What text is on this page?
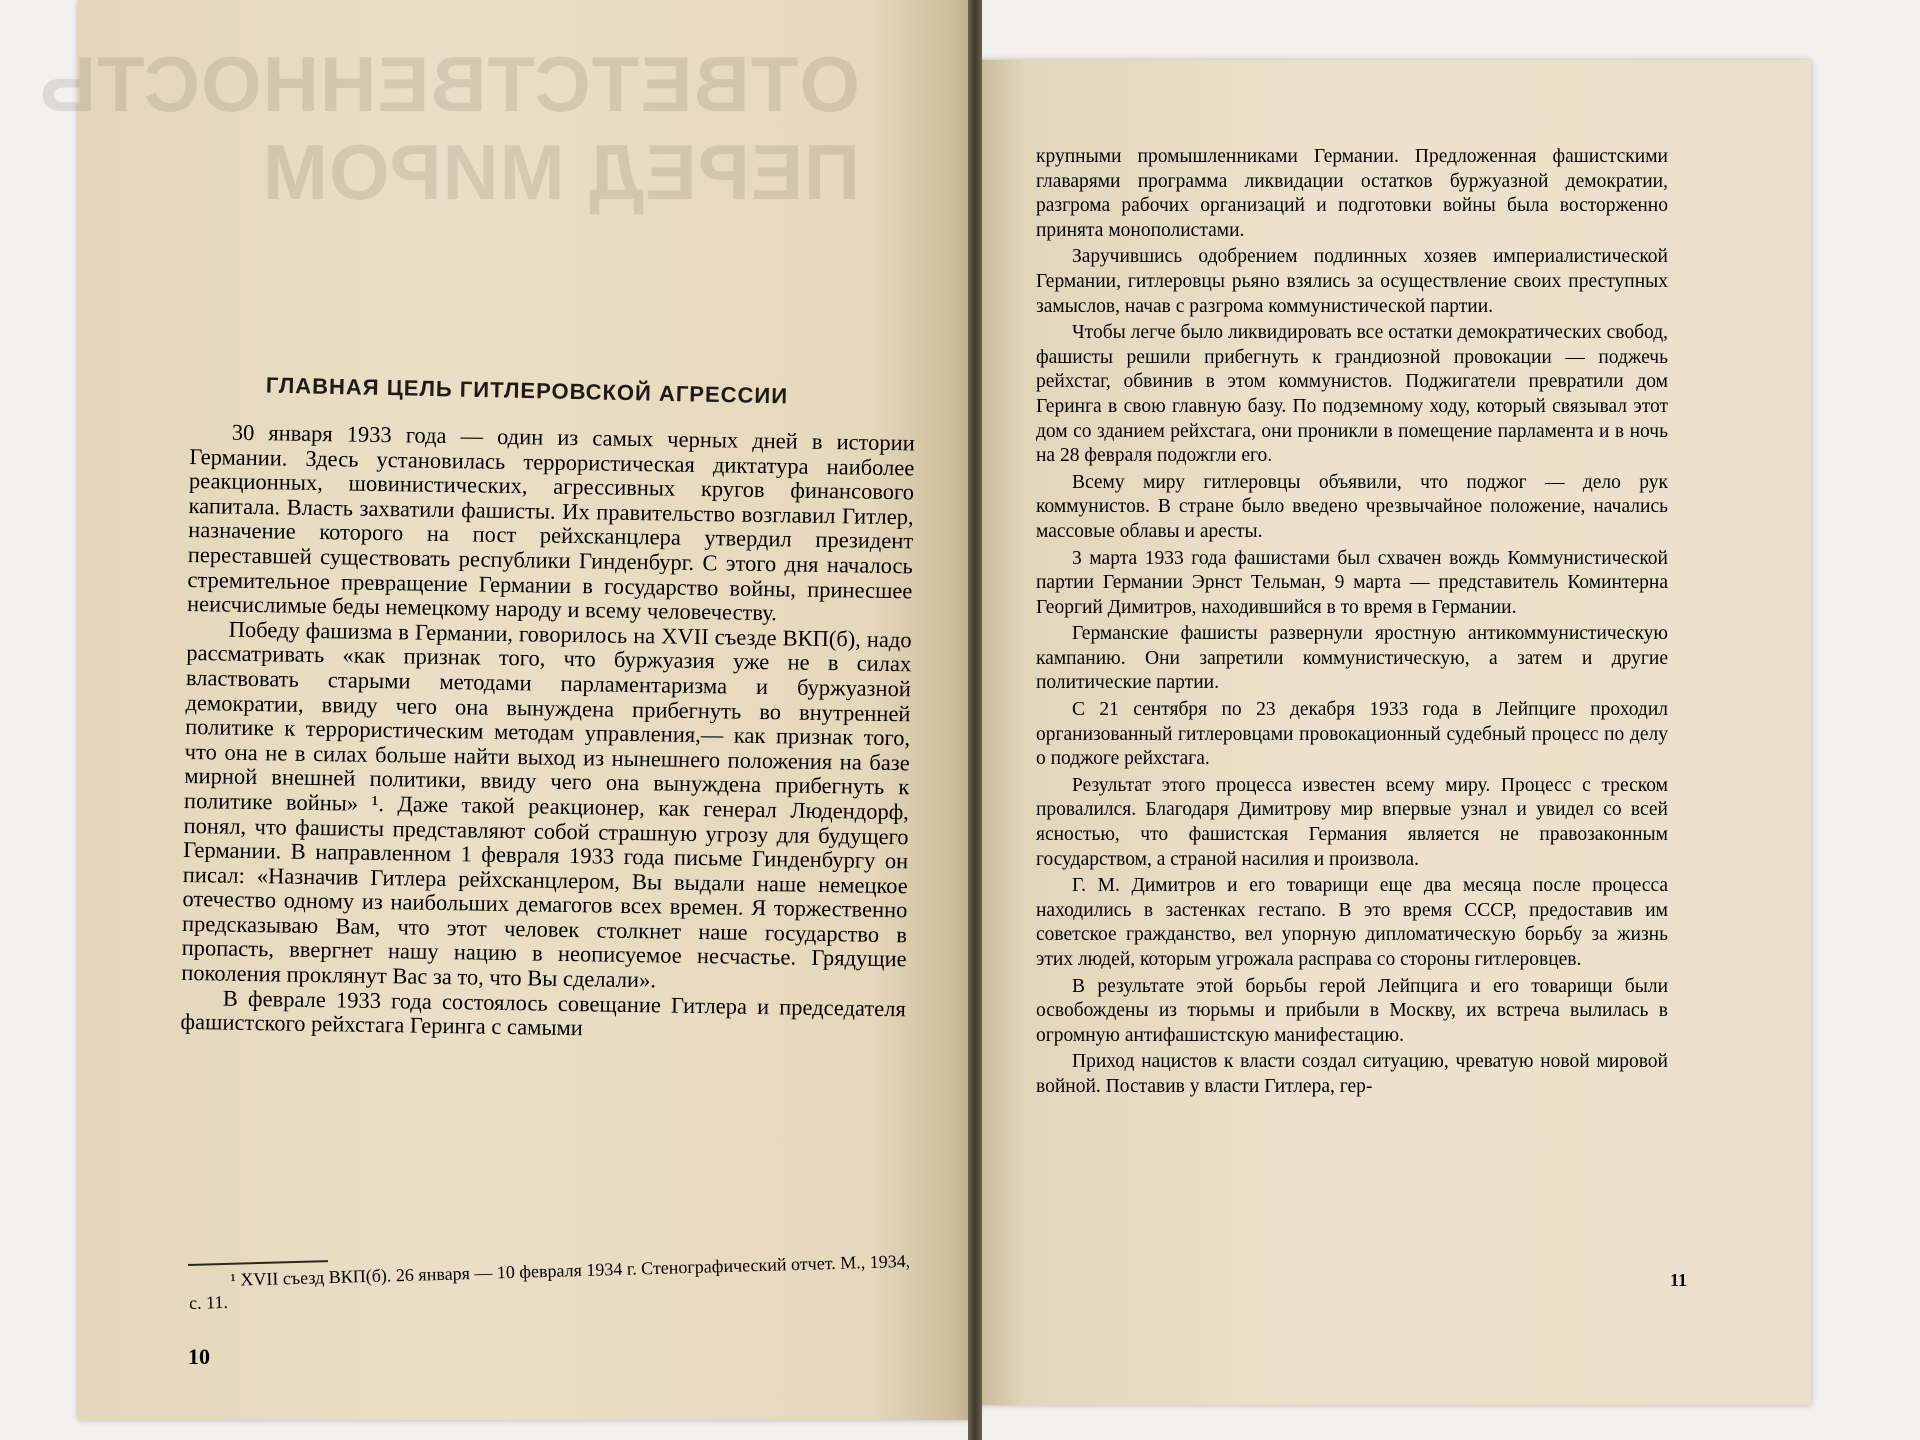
ОТВЕТСТВЕННОСТЬ
ПЕРЕД МИРОМ
ГЛАВНАЯ ЦЕЛЬ ГИТЛЕРОВСКОЙ АГРЕССИИ

30 января 1933 года — один из самых черных дней в истории Германии. Здесь установилась террористическая диктатура наиболее реакционных, шовинистических, агрессивных кругов финансового капитала. Власть захватили фашисты. Их правительство возглавил Гитлер, назначение которого на пост рейхсканцлера утвердил президент переставшей существовать республики Гинденбург. С этого дня началось стремительное превращение Германии в государство войны, принесшее неисчислимые беды немецкому народу и всему человечеству.

Победу фашизма в Германии, говорилось на XVII съезде ВКП(б), надо рассматривать «как признак того, что буржуазия уже не в силах властвовать старыми методами парламентаризма и буржуазной демократии, ввиду чего она вынуждена прибегнуть во внутренней политике к террористическим методам управления,— как признак того, что она не в силах больше найти выход из нынешнего положения на базе мирной внешней политики, ввиду чего она вынуждена прибегнуть к политике войны» ¹. Даже такой реакционер, как генерал Людендорф, понял, что фашисты представляют собой страшную угрозу для будущего Германии. В направленном 1 февраля 1933 года письме Гинденбургу он писал: «Назначив Гитлера рейхсканцлером, Вы выдали наше немецкое отечество одному из наибольших демагогов всех времен. Я торжественно предсказываю Вам, что этот человек столкнет наше государство в пропасть, ввергнет нашу нацию в неописуемое несчастье. Грядущие поколения проклянут Вас за то, что Вы сделали».

В феврале 1933 года состоялось совещание Гитлера и председателя фашистского рейхстага Геринга с самыми

¹ XVII съезд ВКП(б). 26 января — 10 февраля 1934 г. Стенографический отчет. М., 1934, с. 11.

10

крупными промышленниками Германии. Предложенная фашистскими главарями программа ликвидации остатков буржуазной демократии, разгрома рабочих организаций и подготовки войны была восторженно принята монополистами.

Заручившись одобрением подлинных хозяев империалистической Германии, гитлеровцы рьяно взялись за осуществление своих преступных замыслов, начав с разгрома коммунистической партии.

Чтобы легче было ликвидировать все остатки демократических свобод, фашисты решили прибегнуть к грандиозной провокации — поджечь рейхстаг, обвинив в этом коммунистов. Поджигатели превратили дом Геринга в свою главную базу. По подземному ходу, который связывал этот дом со зданием рейхстага, они проникли в помещение парламента и в ночь на 28 февраля подожгли его.

Всему миру гитлеровцы объявили, что поджог — дело рук коммунистов. В стране было введено чрезвычайное положение, начались массовые облавы и аресты.

3 марта 1933 года фашистами был схвачен вождь Коммунистической партии Германии Эрнст Тельман, 9 марта — представитель Коминтерна Георгий Димитров, находившийся в то время в Германии.

Германские фашисты развернули яростную антикоммунистическую кампанию. Они запретили коммунистическую, а затем и другие политические партии.

С 21 сентября по 23 декабря 1933 года в Лейпциге проходил организованный гитлеровцами провокационный судебный процесс по делу о поджоге рейхстага.

Результат этого процесса известен всему миру. Процесс с треском провалился. Благодаря Димитрову мир впервые узнал и увидел со всей ясностью, что фашистская Германия является не правозаконным государством, а страной насилия и произвола.

Г. М. Димитров и его товарищи еще два месяца после процесса находились в застенках гестапо. В это время СССР, предоставив им советское гражданство, вел упорную дипломатическую борьбу за жизнь этих людей, которым угрожала расправа со стороны гитлеровцев.

В результате этой борьбы герой Лейпцига и его товарищи были освобождены из тюрьмы и прибыли в Москву, их встреча вылилась в огромную антифашистскую манифестацию.

Приход нацистов к власти создал ситуацию, чреватую новой мировой войной. Поставив у власти Гитлера, гер-

11
